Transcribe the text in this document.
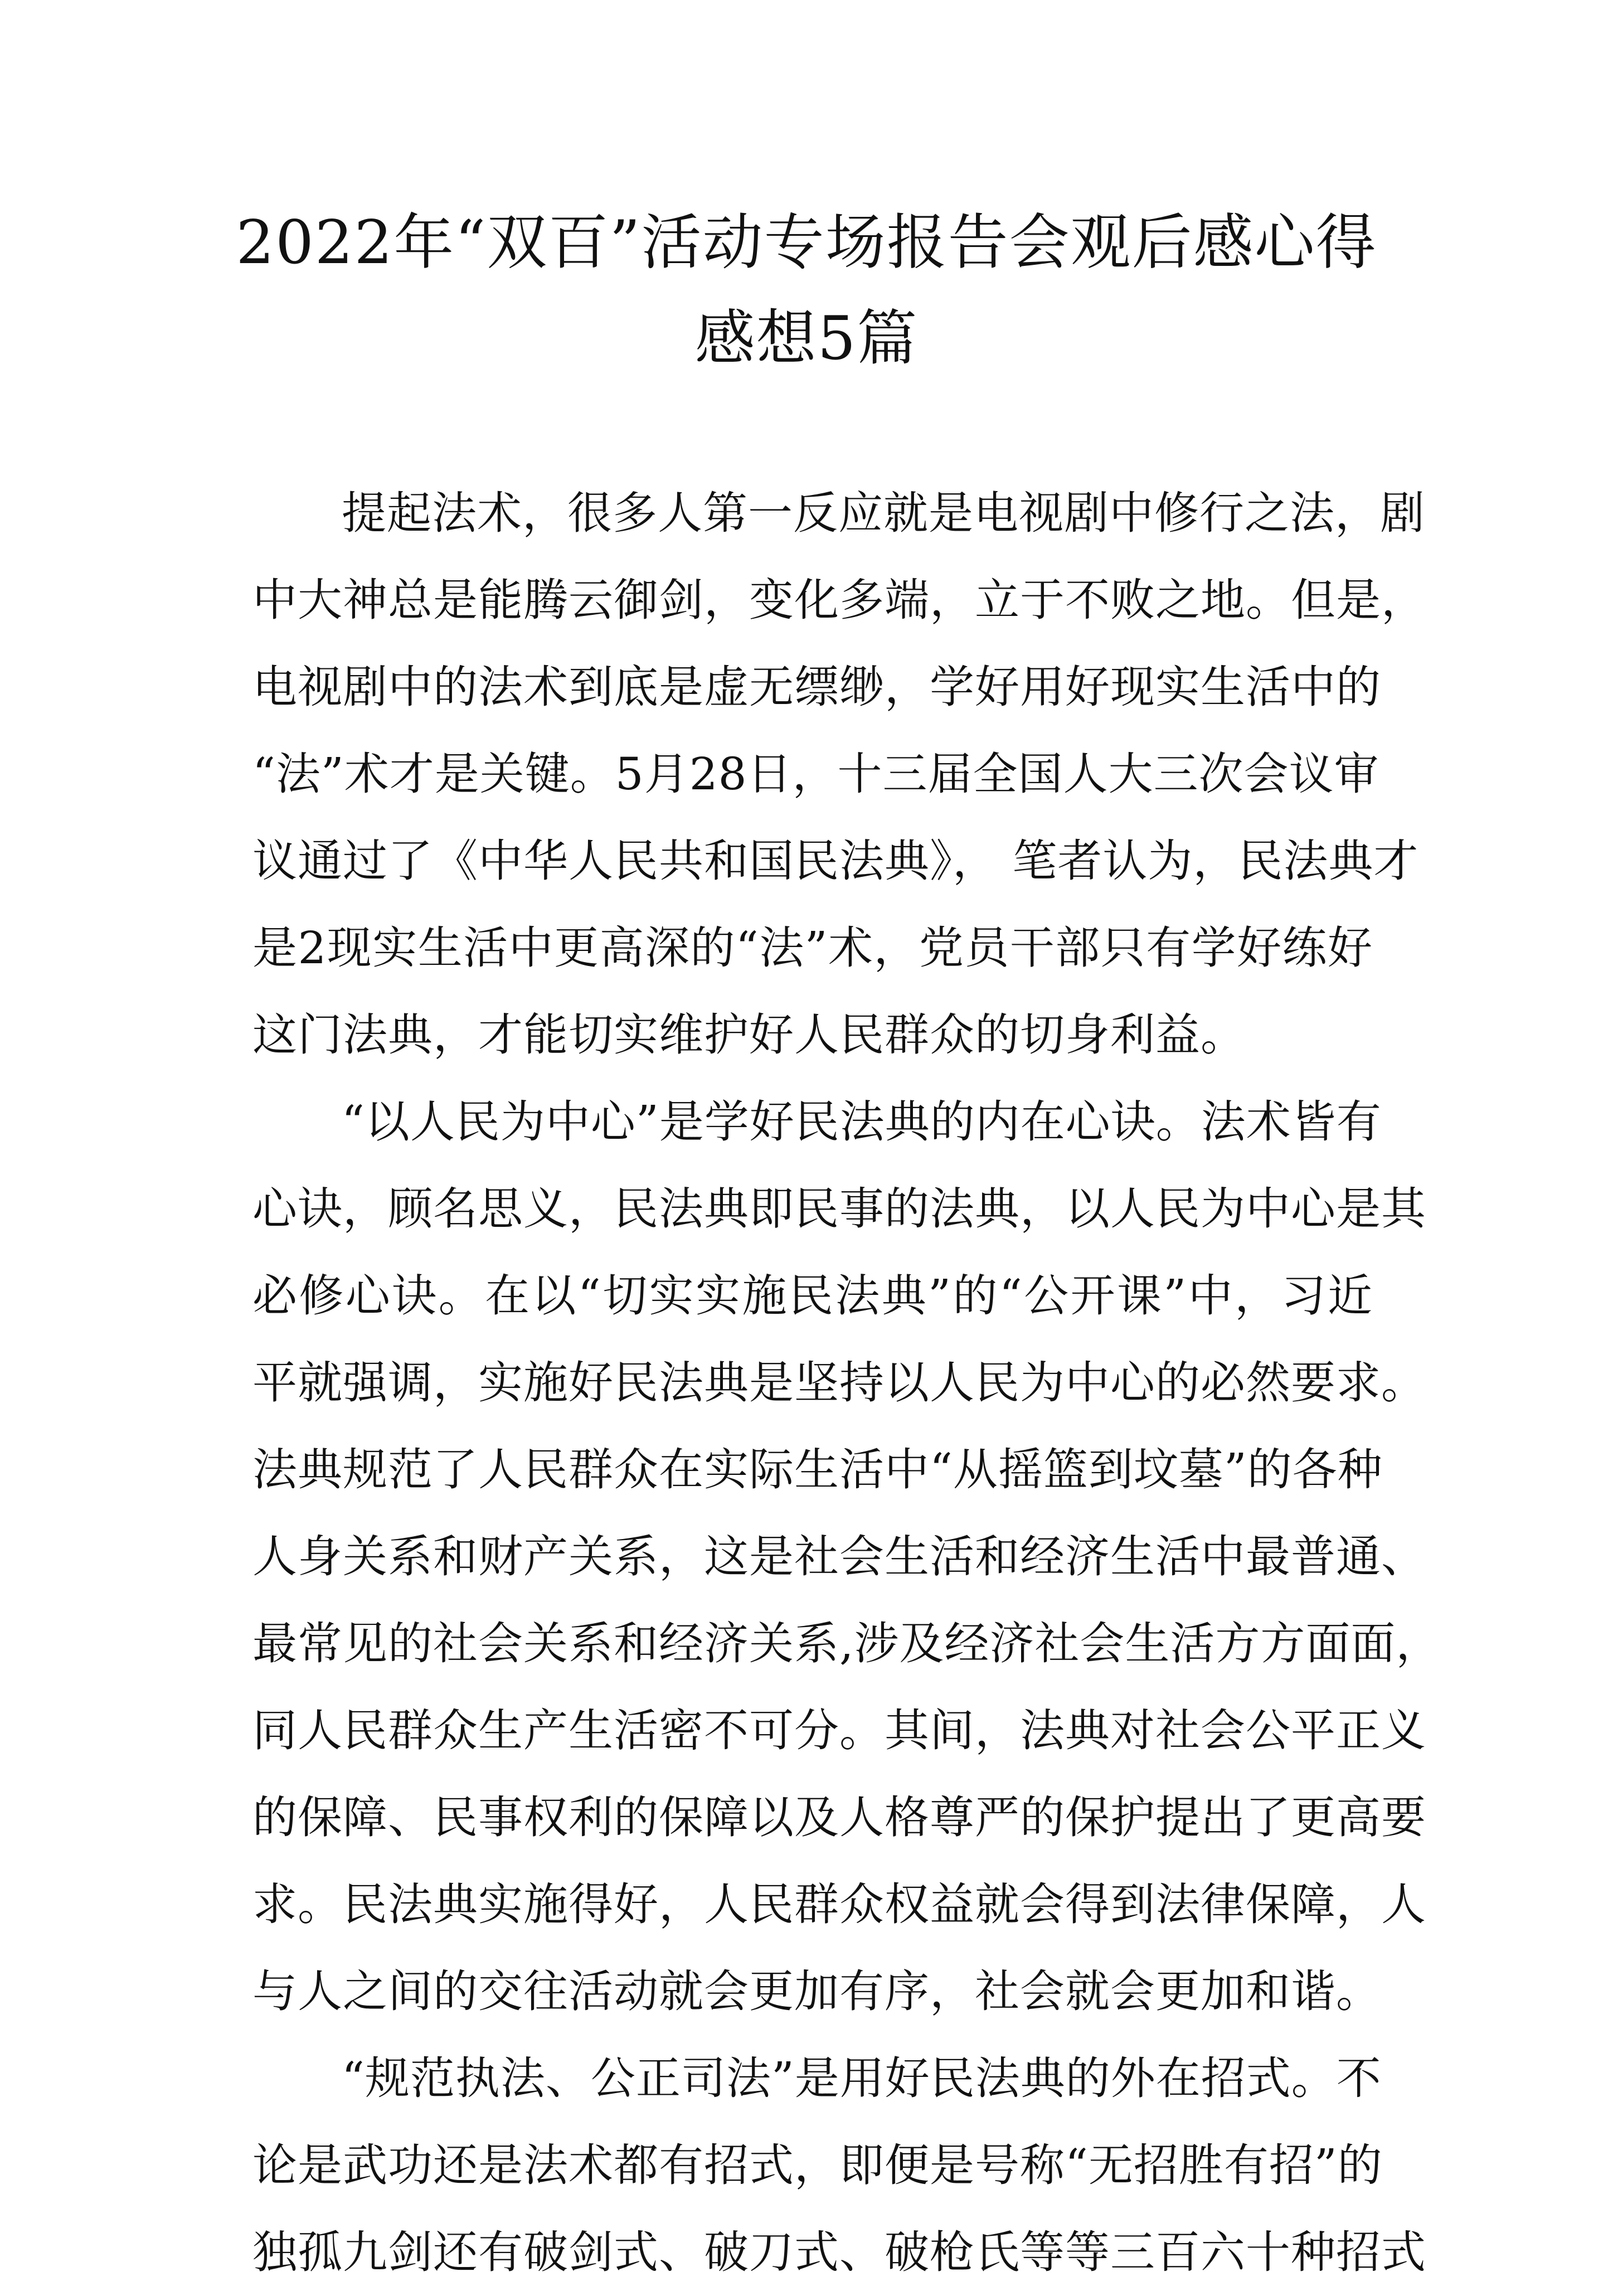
2022年“双百”活动专场报告会观后感心得
感想5篇
提起法术，很多人第一反应就是电视剧中修行之法，剧
中大神总是能腾云御剑，变化多端，立于不败之地。但是，
电视剧中的法术到底是虚无缥缈，学好用好现实生活中的
“法”术才是关键。5月28日，十三届全国人大三次会议审
议通过了《中华人民共和国民法典》， 笔者认为，民法典才
是2现实生活中更高深的“法”术，党员干部只有学好练好
这门法典，才能切实维护好人民群众的切身利益。
“以人民为中心”是学好民法典的内在心诀。法术皆有
心诀，顾名思义，民法典即民事的法典，以人民为中心是其
必修心诀。在以“切实实施民法典”的“公开课”中，习近
平就强调，实施好民法典是坚持以人民为中心的必然要求。
法典规范了人民群众在实际生活中“从摇篮到坟墓”的各种
人身关系和财产关系，这是社会生活和经济生活中最普通、
最常见的社会关系和经济关系,涉及经济社会生活方方面面，
同人民群众生产生活密不可分。其间，法典对社会公平正义
的保障、民事权利的保障以及人格尊严的保护提出了更高要
求。民法典实施得好，人民群众权益就会得到法律保障，人
与人之间的交往活动就会更加有序，社会就会更加和谐。
“规范执法、公正司法”是用好民法典的外在招式。不
论是武功还是法术都有招式，即便是号称“无招胜有招”的
独孤九剑还有破剑式、破刀式、破枪氏等等三百六十种招式
